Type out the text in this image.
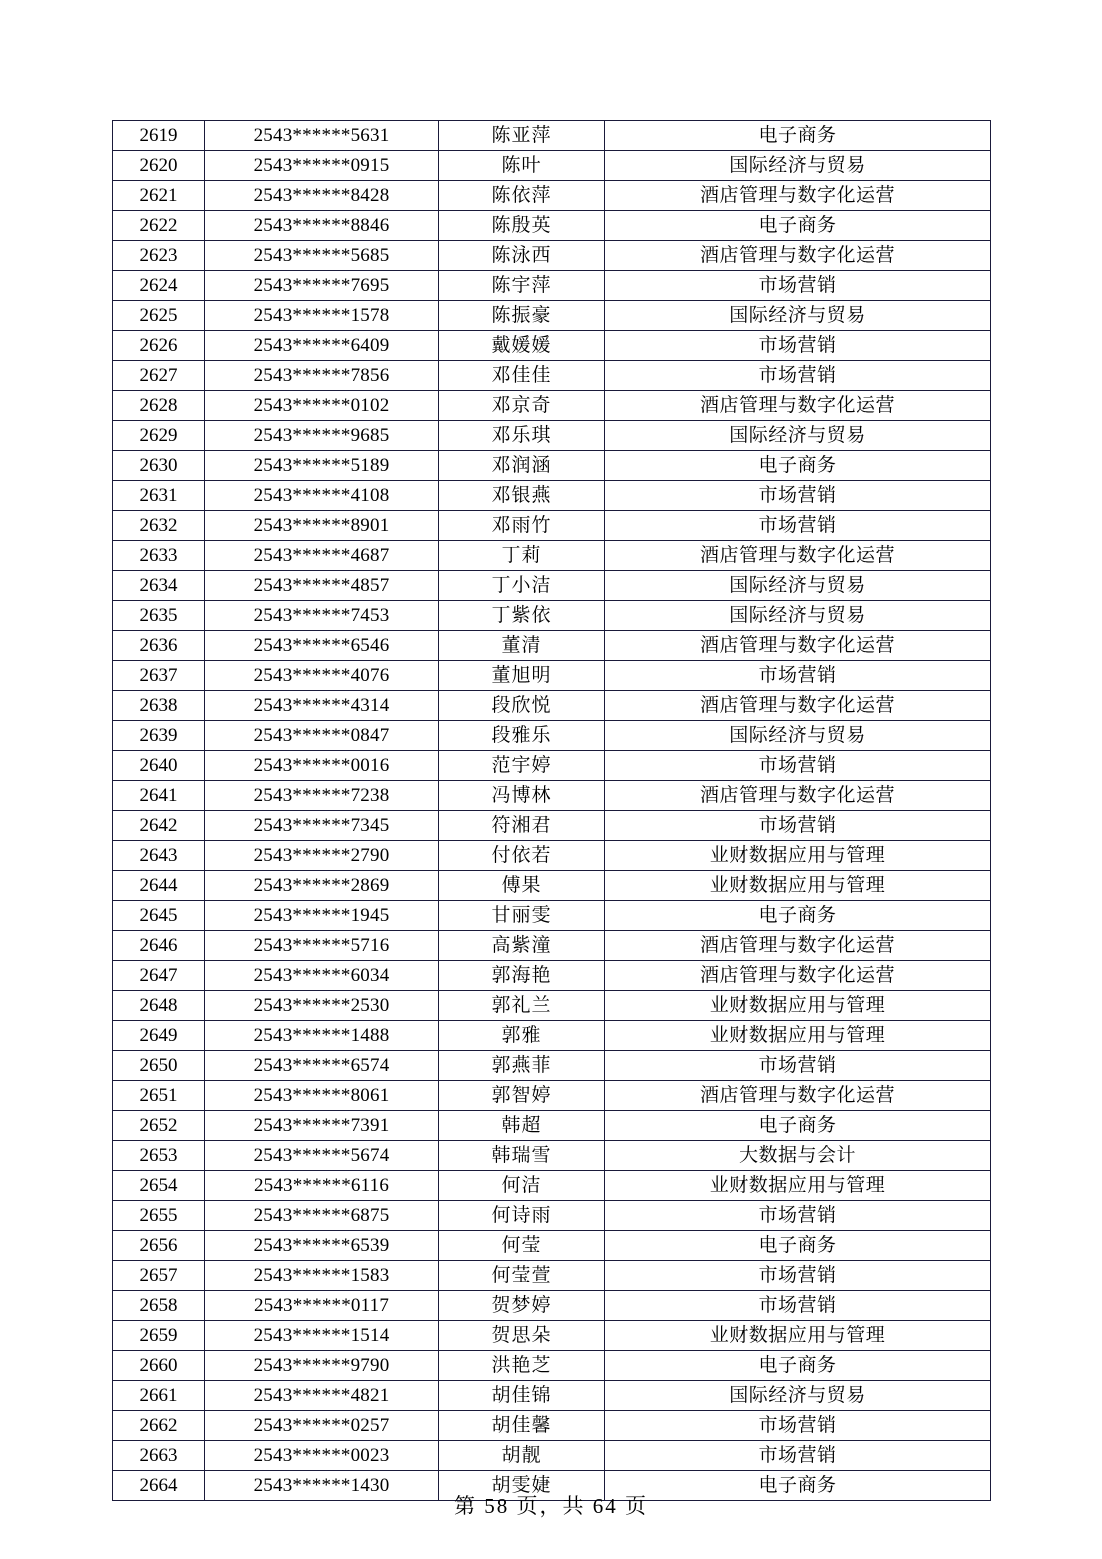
2619	2543******5631	陈亚萍	电子商务
2620	2543******0915	陈叶	国际经济与贸易
2621	2543******8428	陈依萍	酒店管理与数字化运营
2622	2543******8846	陈殷英	电子商务
2623	2543******5685	陈泳西	酒店管理与数字化运营
2624	2543******7695	陈宇萍	市场营销
2625	2543******1578	陈振豪	国际经济与贸易
2626	2543******6409	戴媛媛	市场营销
2627	2543******7856	邓佳佳	市场营销
2628	2543******0102	邓京奇	酒店管理与数字化运营
2629	2543******9685	邓乐琪	国际经济与贸易
2630	2543******5189	邓润涵	电子商务
2631	2543******4108	邓银燕	市场营销
2632	2543******8901	邓雨竹	市场营销
2633	2543******4687	丁莉	酒店管理与数字化运营
2634	2543******4857	丁小洁	国际经济与贸易
2635	2543******7453	丁紫依	国际经济与贸易
2636	2543******6546	董清	酒店管理与数字化运营
2637	2543******4076	董旭明	市场营销
2638	2543******4314	段欣悦	酒店管理与数字化运营
2639	2543******0847	段雅乐	国际经济与贸易
2640	2543******0016	范宇婷	市场营销
2641	2543******7238	冯博林	酒店管理与数字化运营
2642	2543******7345	符湘君	市场营销
2643	2543******2790	付依若	业财数据应用与管理
2644	2543******2869	傅果	业财数据应用与管理
2645	2543******1945	甘丽雯	电子商务
2646	2543******5716	高紫潼	酒店管理与数字化运营
2647	2543******6034	郭海艳	酒店管理与数字化运营
2648	2543******2530	郭礼兰	业财数据应用与管理
2649	2543******1488	郭雅	业财数据应用与管理
2650	2543******6574	郭燕菲	市场营销
2651	2543******8061	郭智婷	酒店管理与数字化运营
2652	2543******7391	韩超	电子商务
2653	2543******5674	韩瑞雪	大数据与会计
2654	2543******6116	何洁	业财数据应用与管理
2655	2543******6875	何诗雨	市场营销
2656	2543******6539	何莹	电子商务
2657	2543******1583	何莹萱	市场营销
2658	2543******0117	贺梦婷	市场营销
2659	2543******1514	贺思朵	业财数据应用与管理
2660	2543******9790	洪艳芝	电子商务
2661	2543******4821	胡佳锦	国际经济与贸易
2662	2543******0257	胡佳馨	市场营销
2663	2543******0023	胡靓	市场营销
2664	2543******1430	胡雯婕	电子商务
第 58 页，共 64 页
